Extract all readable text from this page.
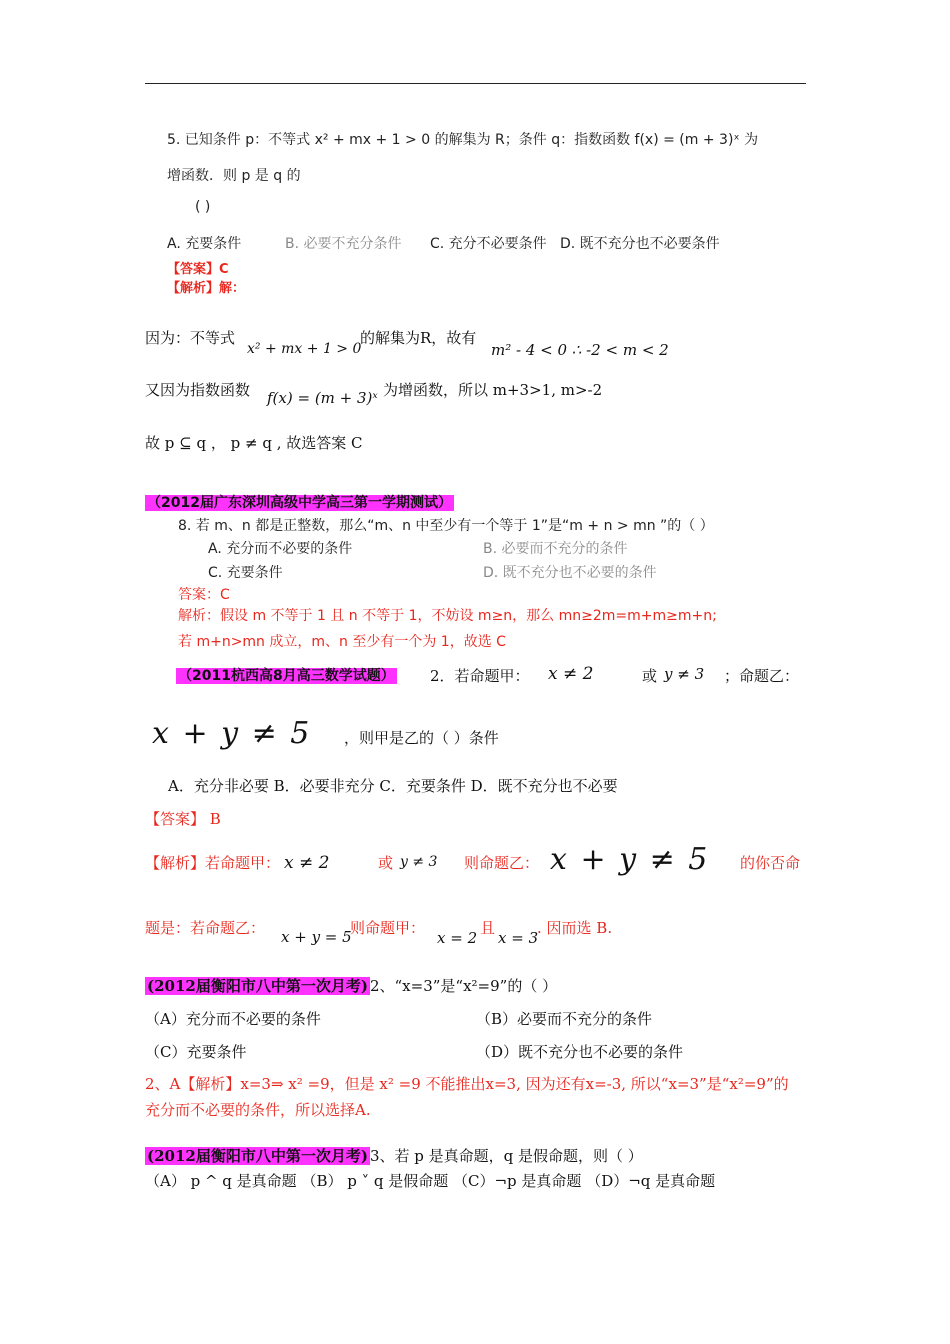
5. 已知条件 p：不等式 x² + mx + 1 > 0 的解集为 R；条件 q：指数函数 f(x) = (m + 3)ˣ 为
增函数．则 p 是 q 的
( )
A. 充要条件	B. 必要不充分条件 C. 充分不必要条件 D. 既不充分也不必要条件
【答案】C
【解析】解：
因为：不等式
x² + mx + 1 > 0
的解集为R，故有
m² - 4 < 0 ∴ -2 < m < 2
又因为指数函数 f(x) = (m + 3)ˣ 为增函数，所以 m+3>1, m>-2
故 p ⊆ q ， p ≠ q , 故选答案 C
（2012届广东深圳高级中学高三第一学期测试）
8. 若 m、n 都是正整数，那么“m、n 中至少有一个等于 1”是“m + n > mn ”的（ ）
A. 充分而不必要的条件	B. 必要而不充分的条件
C. 充要条件	D. 既不充分也不必要的条件
答案：C
解析：假设 m 不等于 1 且 n 不等于 1，不妨设 m≥n，那么 mn≥2m=m+m≥m+n;
若 m+n>mn 成立，m、n 至少有一个为 1，故选 C
（2011杭西高8月高三数学试题） 2．若命题甲： x ≠ 2	或 y ≠ 3 ；命题乙：
x + y ≠ 5 ，则甲是乙的（ ）条件
A．充分非必要 B．必要非充分 C．充要条件 D．既不充分也不必要
【答案】 B
【解析】若命题甲： x ≠ 2	或 y ≠ 3 则命题乙： x + y ≠ 5 的你否命
题是：若命题乙： x + y = 5
则命题甲：
x = 2
且
x = 3
. 因而选 B.
(2012届衡阳市八中第一次月考) 2、“x=3”是“x²=9”的（ ）
（A）充分而不必要的条件	（B）必要而不充分的条件
（C）充要条件	（D）既不充分也不必要的条件
2、A【解析】x=3⇒ x² =9，但是 x² =9 不能推出x=3, 因为还有x=-3, 所以“x=3”是“x²=9”的
充分而不必要的条件，所以选择A.
(2012届衡阳市八中第一次月考) 3、若 p 是真命题，q 是假命题，则（ ）
（A） p ^ q 是真命题 （B） p ˅ q 是假命题 （C）¬p 是真命题 （D）¬q 是真命题
